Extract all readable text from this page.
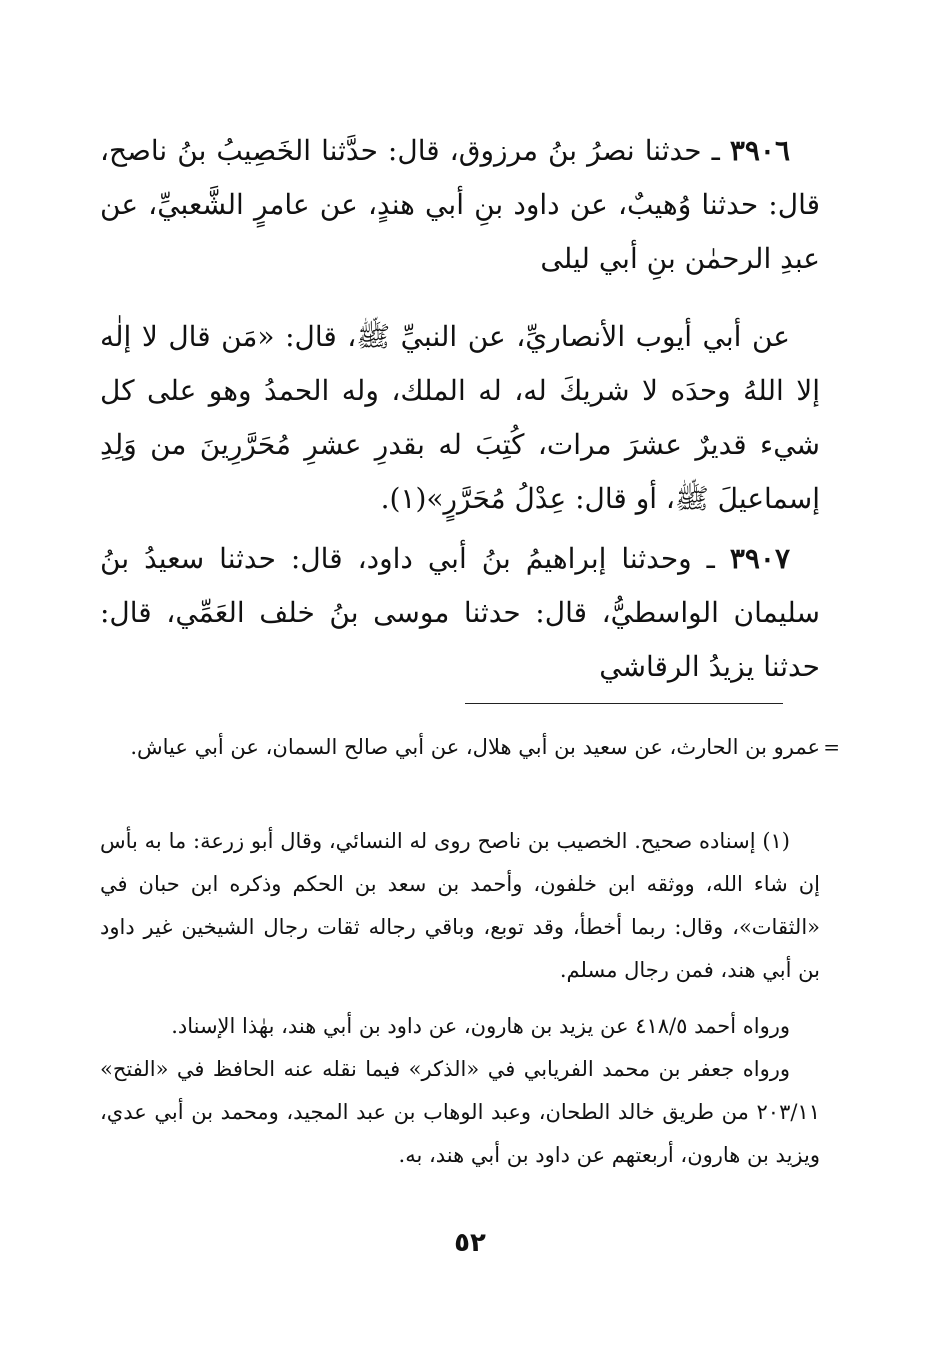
٣٩٠٦ ـ حدثنا نصرُ بنُ مرزوق، قال: حدَّثنا الخَصِيبُ بنُ ناصح، قال: حدثنا وُهيبٌ، عن داود بنِ أبي هندٍ، عن عامرٍ الشَّعبيِّ، عن عبدِ الرحمٰن بنِ أبي ليلى

عن أبي أيوب الأنصاريِّ، عن النبيِّ ﷺ، قال: «مَن قال لا إلٰه إلا اللهُ وحدَه لا شريكَ له، له الملك، وله الحمدُ وهو على كل شيء قديرٌ عشرَ مرات، كُتِبَ له بقدرِ عشرِ مُحَرَّرِينَ من وَلِدِ إسماعيلَ ﷺ، أو قال: عِدْلُ مُحَرَّرٍ»(١).

٣٩٠٧ ـ وحدثنا إبراهيمُ بنُ أبي داود، قال: حدثنا سعيدُ بنُ سليمان الواسطيُّ، قال: حدثنا موسى بنُ خلف العَمِّي، قال: حدثنا يزيدُ الرقاشي

=
عمرو بن الحارث، عن سعيد بن أبي هلال، عن أبي صالح السمان، عن أبي عياش.

(١) إسناده صحيح. الخصيب بن ناصح روى له النسائي، وقال أبو زرعة: ما به بأس إن شاء الله، ووثقه ابن خلفون، وأحمد بن سعد بن الحكم وذكره ابن حبان في «الثقات»، وقال: ربما أخطأ، وقد توبع، وباقي رجاله ثقات رجال الشيخين غير داود بن أبي هند، فمن رجال مسلم.

ورواه أحمد ٤١٨/٥ عن يزيد بن هارون، عن داود بن أبي هند، بهٰذا الإسناد.

ورواه جعفر بن محمد الفريابي في «الذكر» فيما نقله عنه الحافظ في «الفتح» ٢٠٣/١١ من طريق خالد الطحان، وعبد الوهاب بن عبد المجيد، ومحمد بن أبي عدي، ويزيد بن هارون، أربعتهم عن داود بن أبي هند، به.

٥٢
